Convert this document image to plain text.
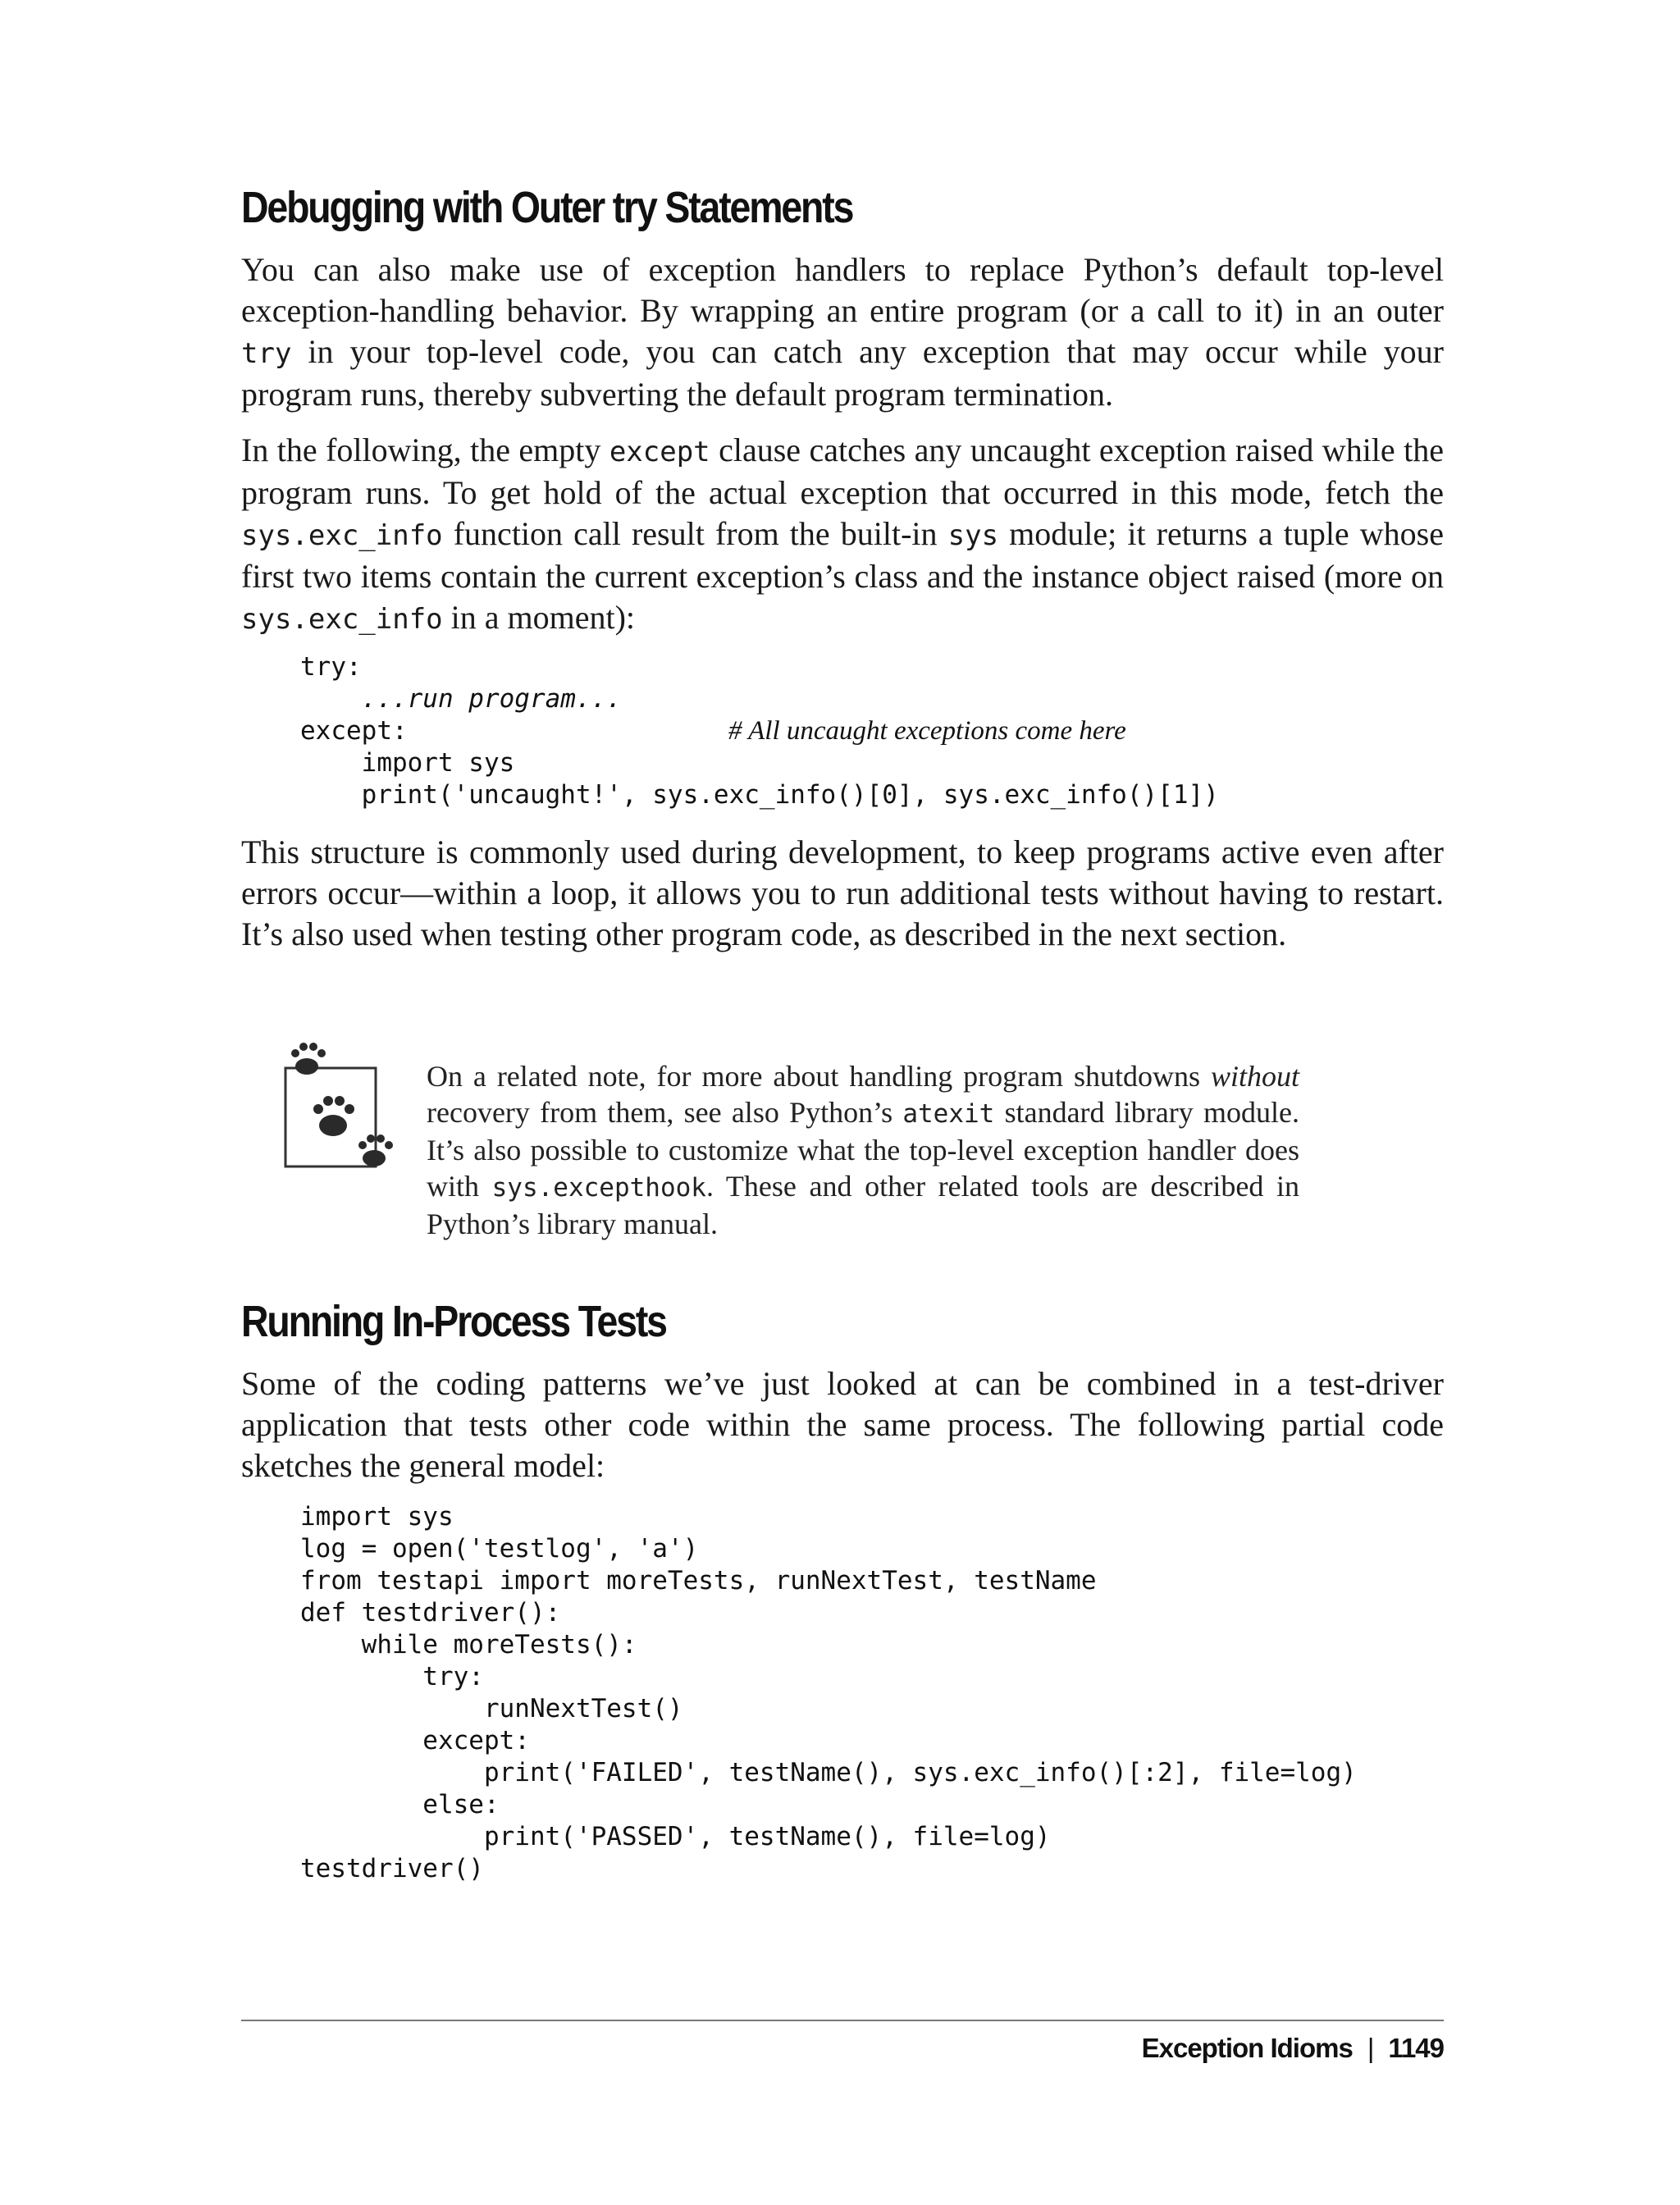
Debugging with Outer try Statements

You can also make use of exception handlers to replace Python’s default top-level exception-handling behavior. By wrapping an entire program (or a call to it) in an outer try in your top-level code, you can catch any exception that may occur while your program runs, thereby subverting the default program termination.

In the following, the empty except clause catches any uncaught exception raised while the program runs. To get hold of the actual exception that occurred in this mode, fetch the sys.exc_info function call result from the built-in sys module; it returns a tuple whose first two items contain the current exception’s class and the instance object raised (more on sys.exc_info in a moment):

try:
...run program...
except:
import sys
print('uncaught!', sys.exc_info()[0], sys.exc_info()[1])
# All uncaught exceptions come here

This structure is commonly used during development, to keep programs active even after errors occur—within a loop, it allows you to run additional tests without having to restart. It’s also used when testing other program code, as described in the next section.

On a related note, for more about handling program shutdowns without recovery from them, see also Python’s atexit standard library module. It’s also possible to customize what the top-level exception handler does with sys.excepthook. These and other related tools are described in Python’s library manual.

Running In-Process Tests

Some of the coding patterns we’ve just looked at can be combined in a test-driver application that tests other code within the same process. The following partial code sketches the general model:

import sys
log = open('testlog', 'a')
from testapi import moreTests, runNextTest, testName
def testdriver():
while moreTests():
try:
runNextTest()
except:
print('FAILED', testName(), sys.exc_info()[:2], file=log)
else:
print('PASSED', testName(), file=log)
testdriver()
Exception Idioms | 1149
